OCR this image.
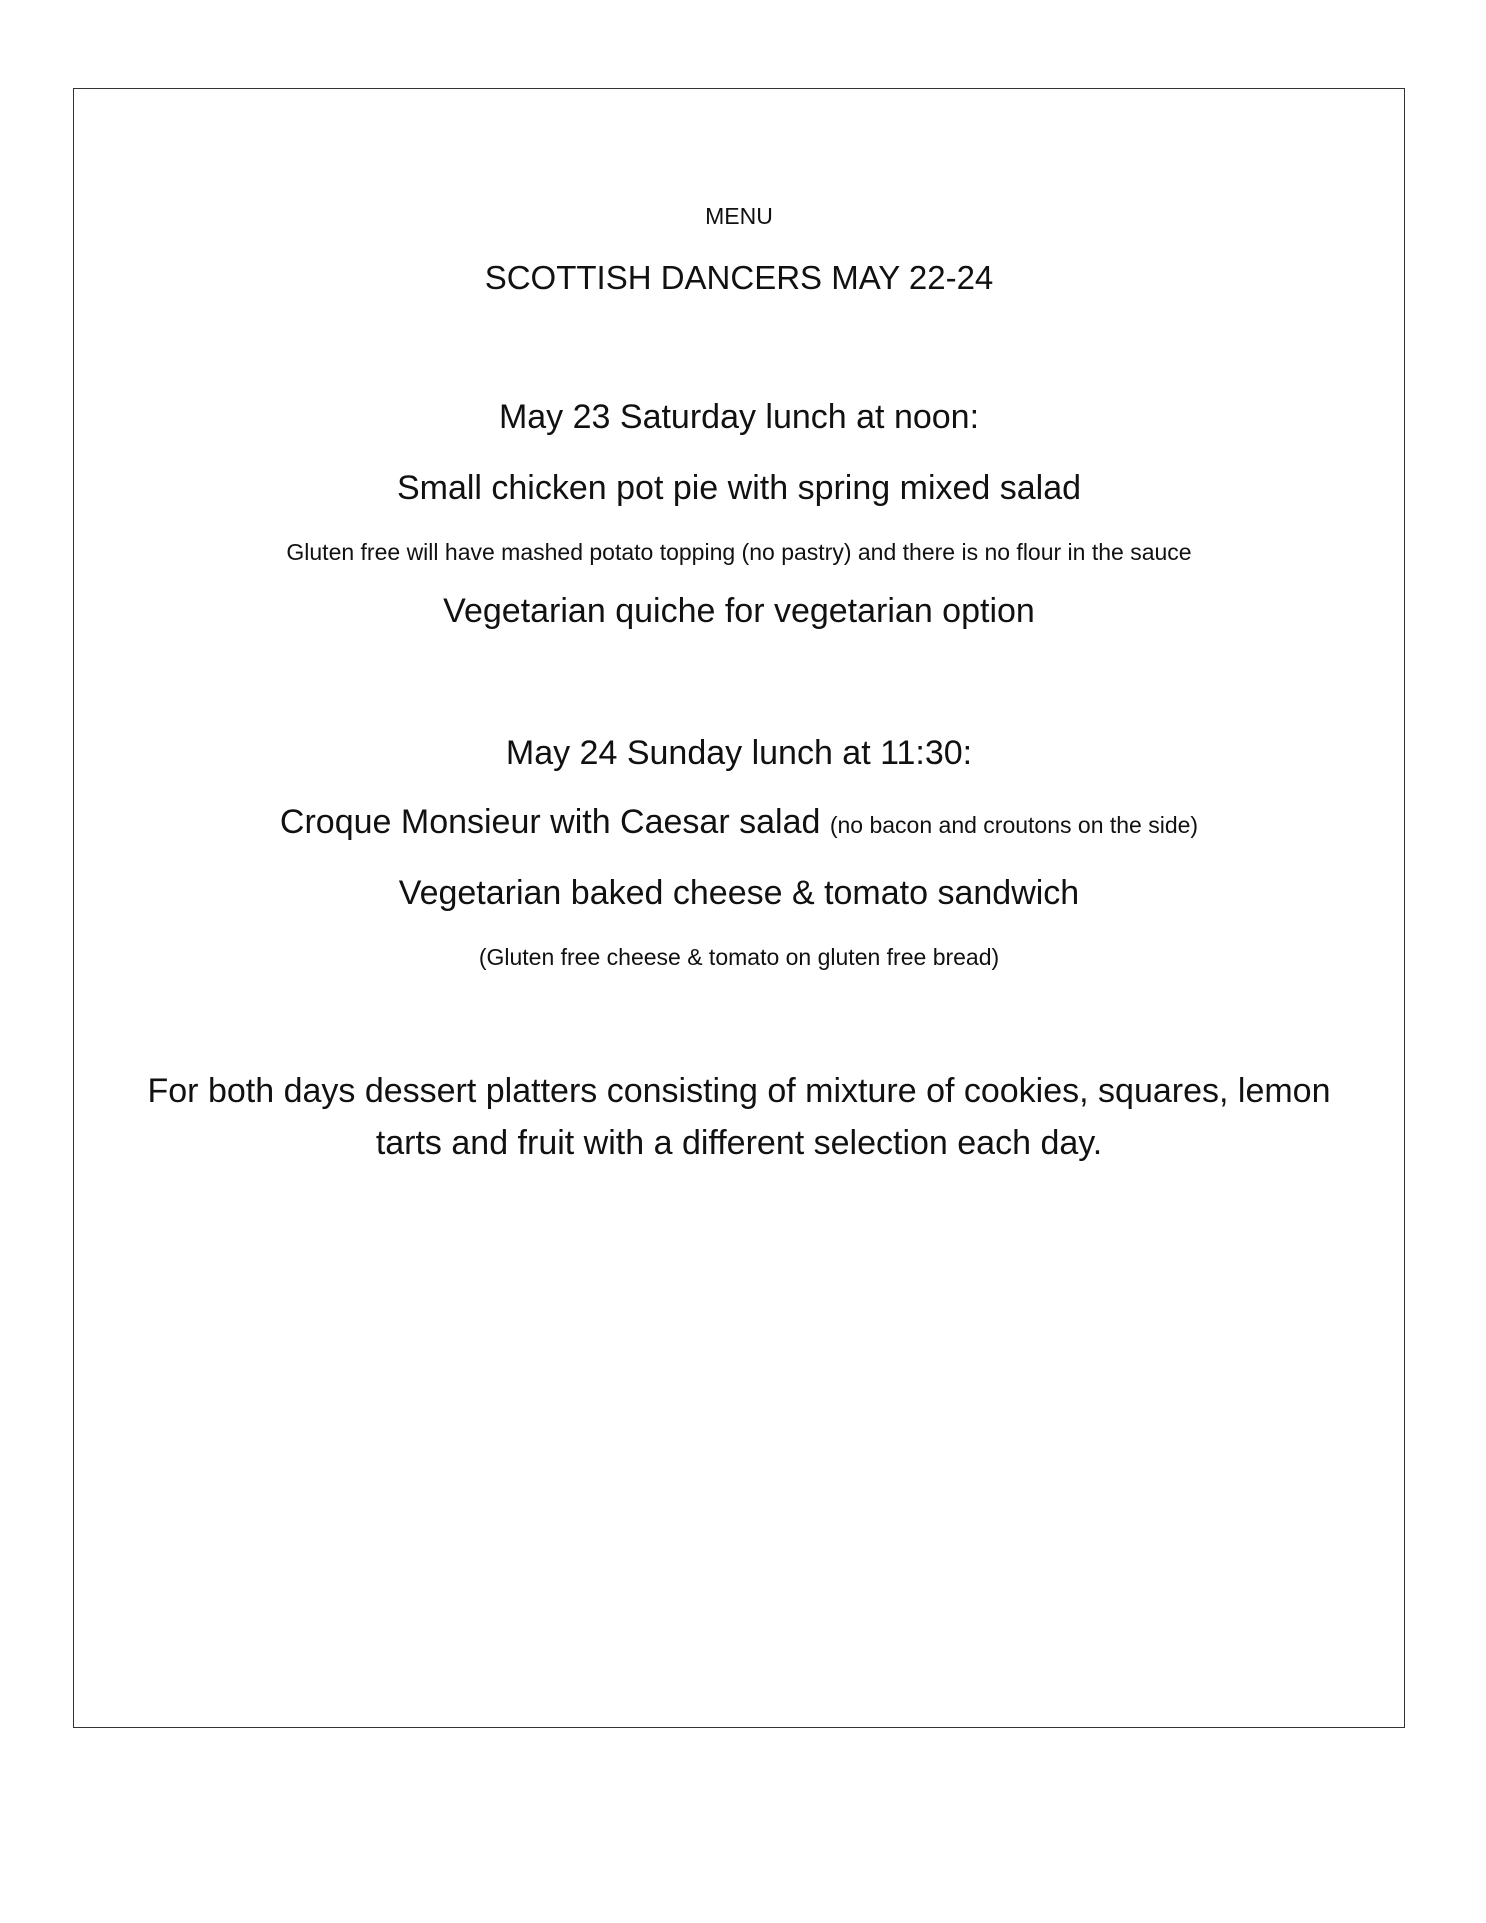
MENU

SCOTTISH DANCERS MAY 22-24

May 23 Saturday lunch at noon:

Small chicken pot pie with spring mixed salad

Gluten free will have mashed potato topping (no pastry) and there is no flour in the sauce

Vegetarian quiche for vegetarian option

May 24 Sunday lunch at 11:30:

Croque Monsieur with Caesar salad (no bacon and croutons on the side)

Vegetarian baked cheese & tomato sandwich

(Gluten free cheese & tomato on gluten free bread)

For both days dessert platters consisting of mixture of cookies, squares, lemon
tarts and fruit with a different selection each day.
